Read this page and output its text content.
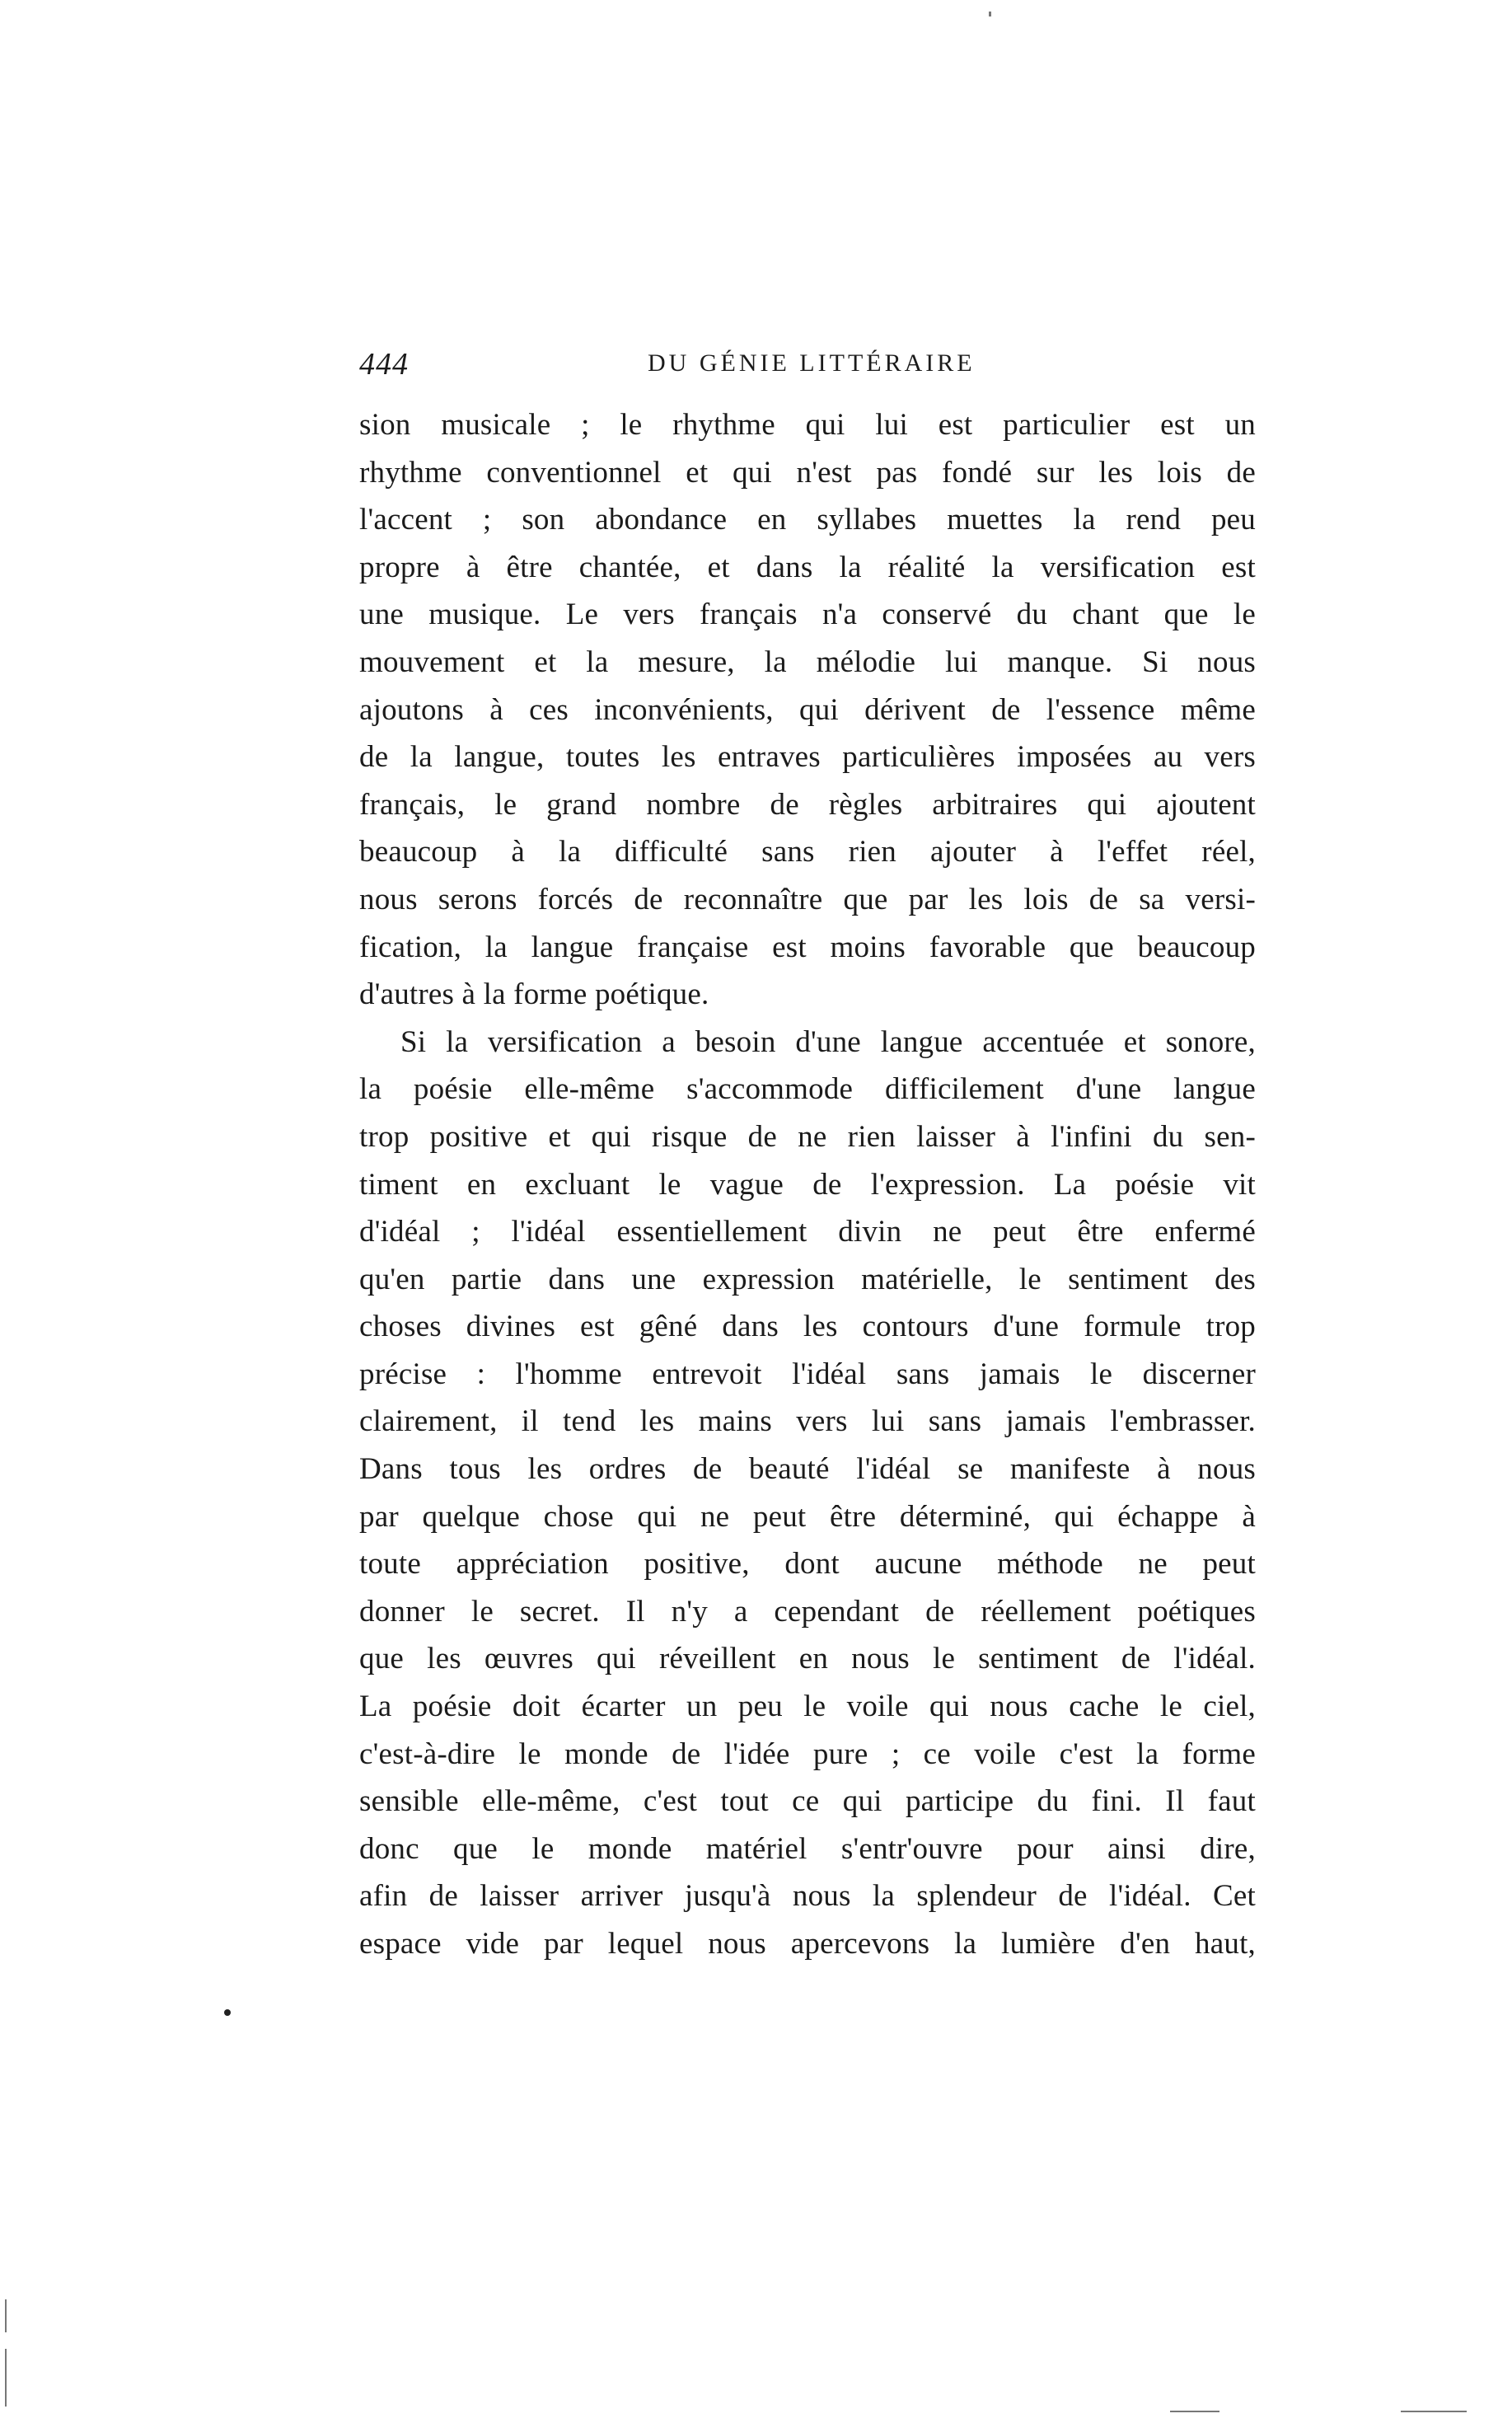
444	DU GÉNIE LITTÉRAIRE
sion musicale ; le rhythme qui lui est particulier est un
rhythme conventionnel et qui n'est pas fondé sur les lois de
l'accent ; son abondance en syllabes muettes la rend peu
propre à être chantée, et dans la réalité la versification est
une musique. Le vers français n'a conservé du chant que le
mouvement et la mesure, la mélodie lui manque. Si nous
ajoutons à ces inconvénients, qui dérivent de l'essence même
de la langue, toutes les entraves particulières imposées au vers
français, le grand nombre de règles arbitraires qui ajoutent
beaucoup à la difficulté sans rien ajouter à l'effet réel,
nous serons forcés de reconnaître que par les lois de sa versi-
fication, la langue française est moins favorable que beaucoup
d'autres à la forme poétique.
Si la versification a besoin d'une langue accentuée et sonore,
la poésie elle-même s'accommode difficilement d'une langue
trop positive et qui risque de ne rien laisser à l'infini du sen-
timent en excluant le vague de l'expression. La poésie vit
d'idéal ; l'idéal essentiellement divin ne peut être enfermé
qu'en partie dans une expression matérielle, le sentiment des
choses divines est gêné dans les contours d'une formule trop
précise : l'homme entrevoit l'idéal sans jamais le discerner
clairement, il tend les mains vers lui sans jamais l'embrasser.
Dans tous les ordres de beauté l'idéal se manifeste à nous
par quelque chose qui ne peut être déterminé, qui échappe à
toute appréciation positive, dont aucune méthode ne peut
donner le secret. Il n'y a cependant de réellement poétiques
que les œuvres qui réveillent en nous le sentiment de l'idéal.
La poésie doit écarter un peu le voile qui nous cache le ciel,
c'est-à-dire le monde de l'idée pure ; ce voile c'est la forme
sensible elle-même, c'est tout ce qui participe du fini. Il faut
donc que le monde matériel s'entr'ouvre pour ainsi dire,
afin de laisser arriver jusqu'à nous la splendeur de l'idéal. Cet
espace vide par lequel nous apercevons la lumière d'en haut,
